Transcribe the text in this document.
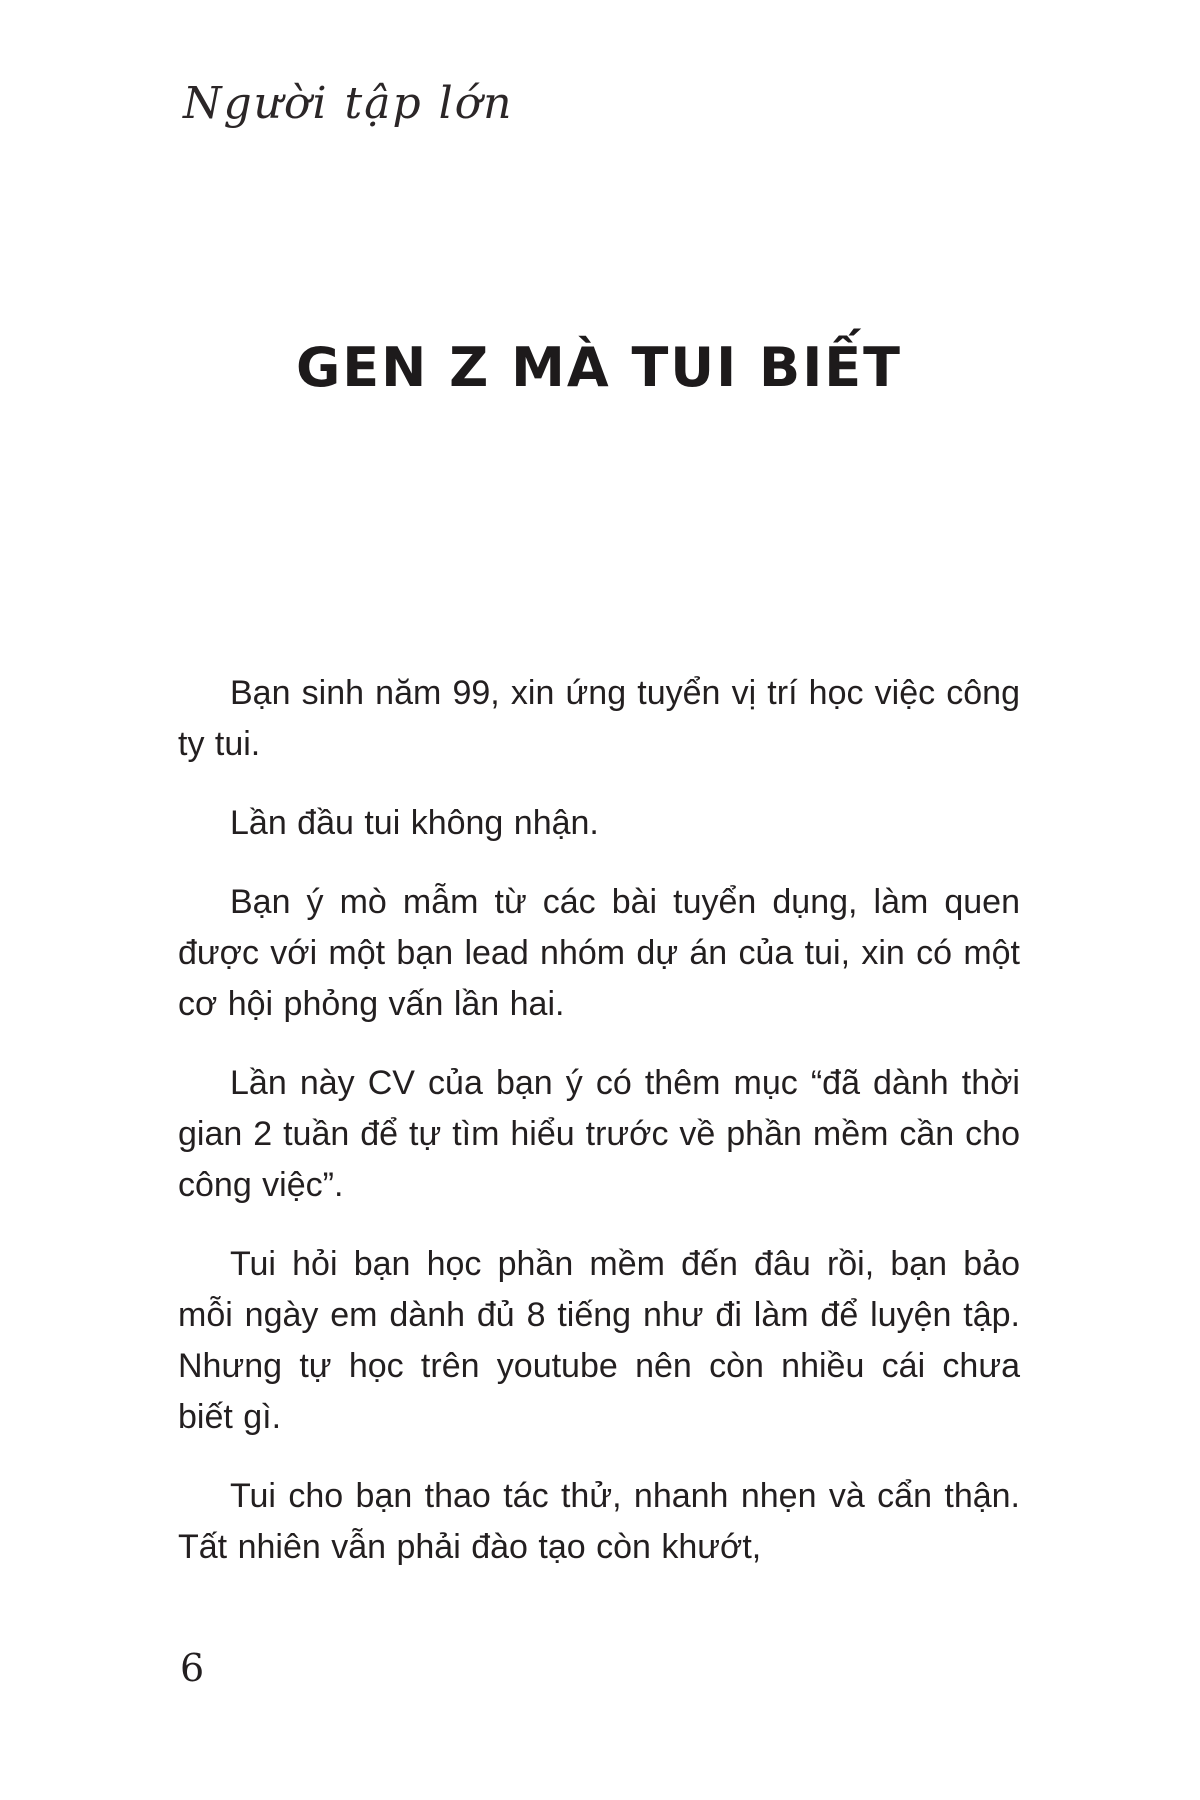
Người tập lớn
GEN Z MÀ TUI BIẾT

Bạn sinh năm 99, xin ứng tuyển vị trí học việc công ty tui.

Lần đầu tui không nhận.

Bạn ý mò mẫm từ các bài tuyển dụng, làm quen được với một bạn lead nhóm dự án của tui, xin có một cơ hội phỏng vấn lần hai.

Lần này CV của bạn ý có thêm mục “đã dành thời gian 2 tuần để tự tìm hiểu trước về phần mềm cần cho công việc”.

Tui hỏi bạn học phần mềm đến đâu rồi, bạn bảo mỗi ngày em dành đủ 8 tiếng như đi làm để luyện tập. Nhưng tự học trên youtube nên còn nhiều cái chưa biết gì.

Tui cho bạn thao tác thử, nhanh nhẹn và cẩn thận. Tất nhiên vẫn phải đào tạo còn khướt,

6
